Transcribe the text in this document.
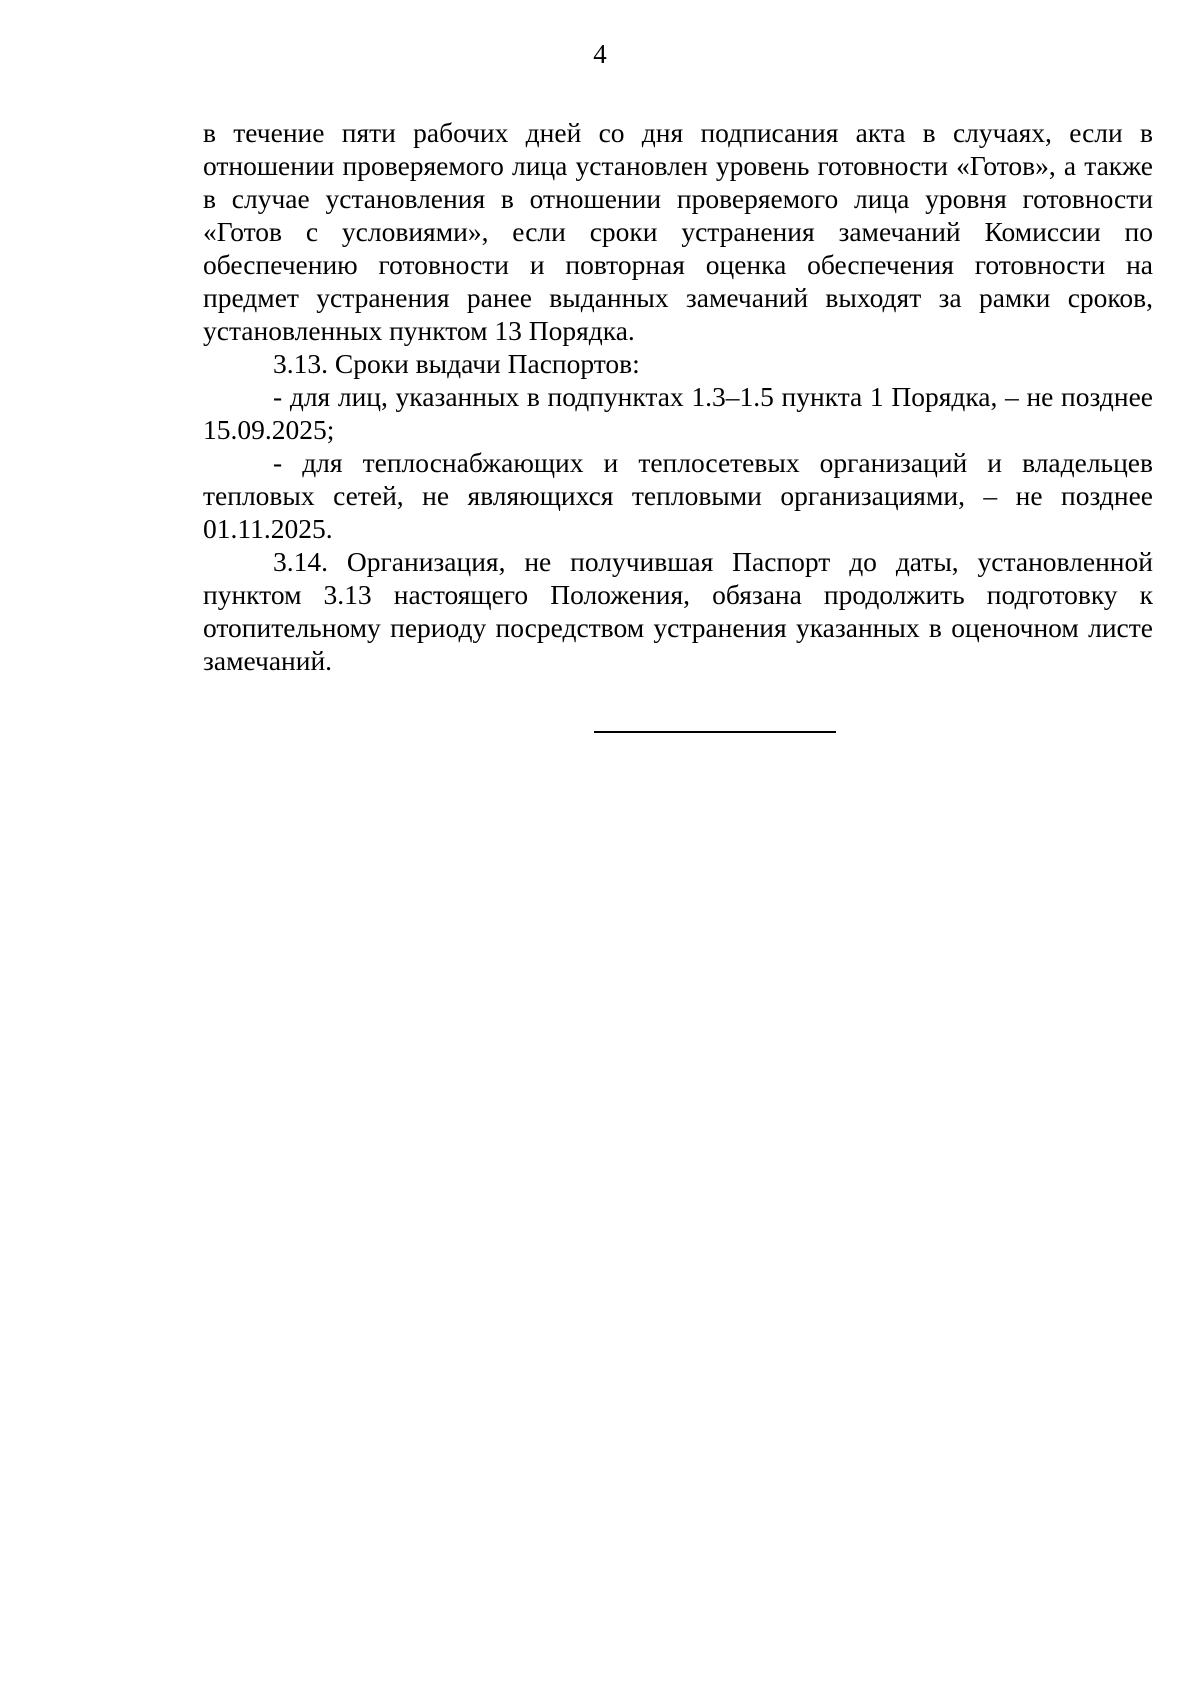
4

в течение пяти рабочих дней со дня подписания акта в случаях, если в отношении проверяемого лица установлен уровень готовности «Готов», а также в случае установления в отношении проверяемого лица уровня готовности «Готов с условиями», если сроки устранения замечаний Комиссии по обеспечению готовности и повторная оценка обеспечения готовности на предмет устранения ранее выданных замечаний выходят за рамки сроков, установленных пунктом 13 Порядка.

3.13. Сроки выдачи Паспортов:

- для лиц, указанных в подпунктах 1.3–1.5 пункта 1 Порядка, – не позднее 15.09.2025;

- для теплоснабжающих и теплосетевых организаций и владельцев тепловых сетей, не являющихся тепловыми организациями, – не позднее 01.11.2025.

3.14. Организация, не получившая Паспорт до даты, установленной пунктом 3.13 настоящего Положения, обязана продолжить подготовку к отопительному периоду посредством устранения указанных в оценочном листе замечаний.
